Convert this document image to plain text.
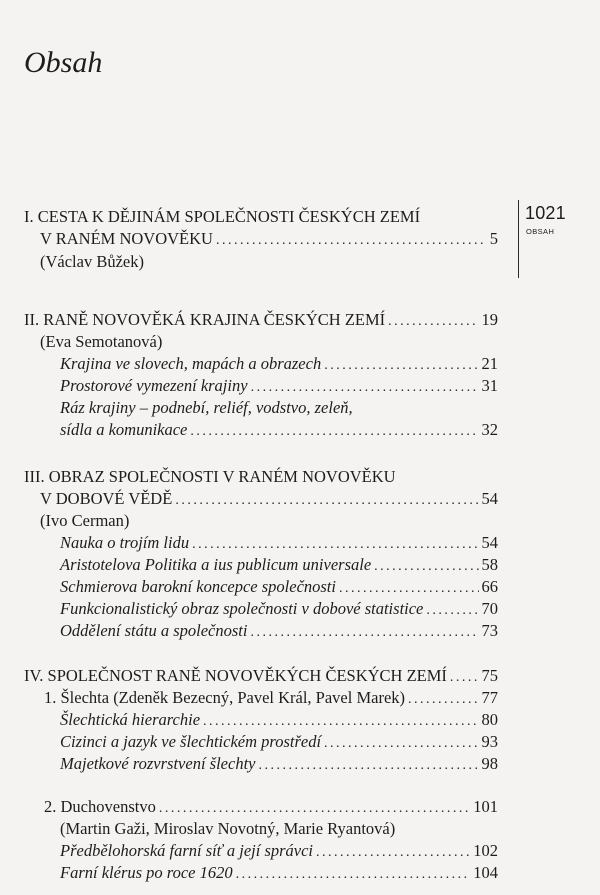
Obsah
1021
OBSAH
I. CESTA K DĚJINÁM SPOLEČNOSTI ČESKÝCH ZEMÍ
V RANÉM NOVOVĚKU . . .	5
(Václav Bůžek)
II. RANĚ NOVOVĚKÁ KRAJINA ČESKÝCH ZEMÍ . . .	19
(Eva Semotanová)
Krajina ve slovech, mapách a obrazech . . .	21
Prostorové vymezení krajiny . . .	31
Ráz krajiny – podnebí, reliéf, vodstvo, zeleň,
sídla a komunikace . . .	32
III. OBRAZ SPOLEČNOSTI V RANÉM NOVOVĚKU
V DOBOVÉ VĚDĚ . . .	54
(Ivo Cerman)
Nauka o trojím lidu . . .	54
Aristotelova Politika a ius publicum universale . . .	58
Schmierova barokní koncepce společnosti . . .	66
Funkcionalistický obraz společnosti v dobové statistice . . .	70
Oddělení státu a společnosti . . .	73
IV. SPOLEČNOST RANĚ NOVOVĚKÝCH ČESKÝCH ZEMÍ . . . 75
1. Šlechta (Zdeněk Bezecný, Pavel Král, Pavel Marek) . . .	77
Šlechtická hierarchie . . .	80
Cizinci a jazyk ve šlechtickém prostředí . . .	93
Majetkové rozvrstvení šlechty . . .	98
2. Duchovenstvo . . .	101
(Martin Gaži, Miroslav Novotný, Marie Ryantová)
Předbělohorská farní síť a její správci . . .	102
Farní klérus po roce 1620 . . .	104
